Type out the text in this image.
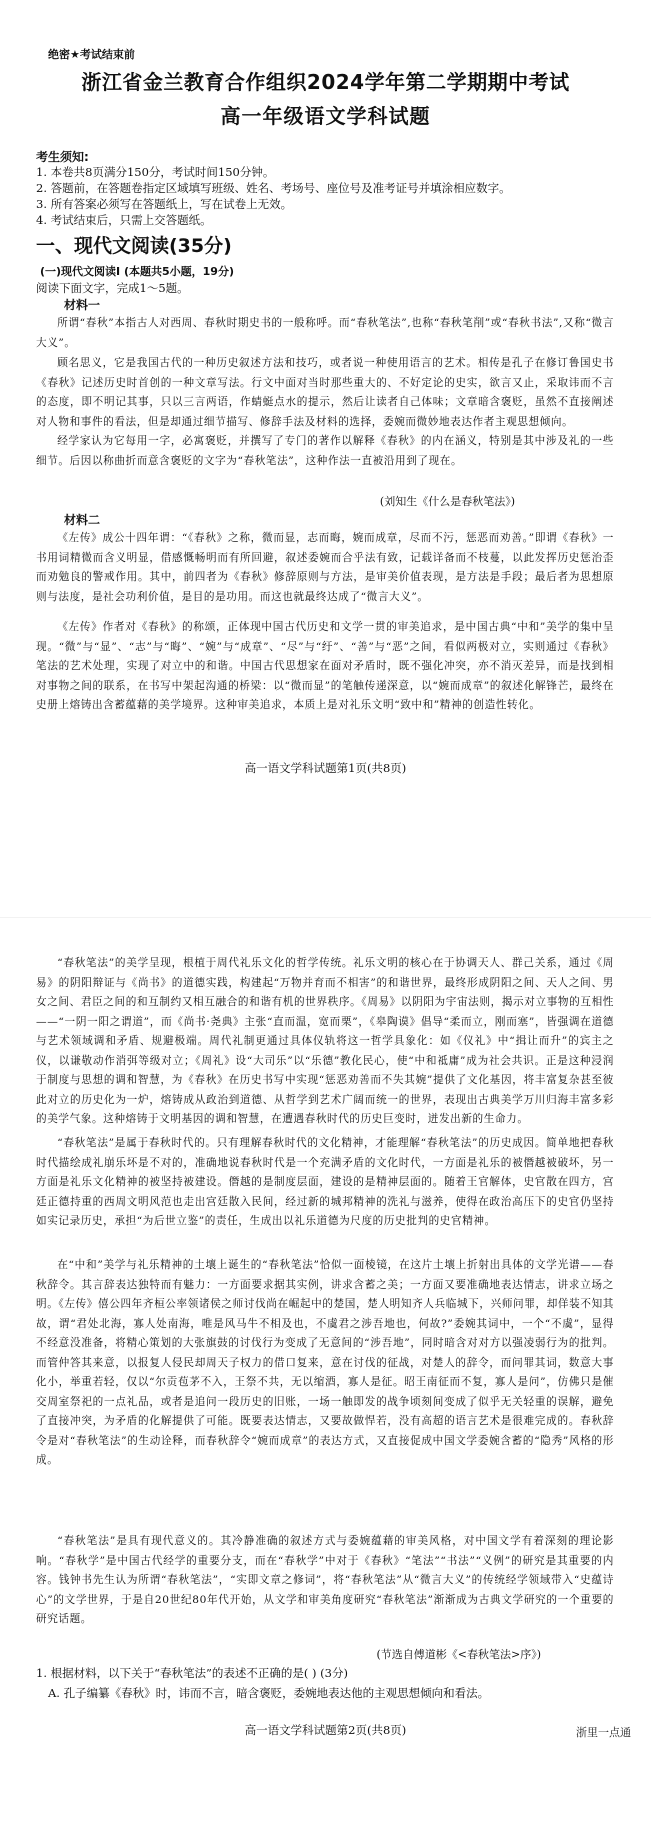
绝密★考试结束前
浙江省金兰教育合作组织2024学年第二学期期中考试
高一年级语文学科试题
考生须知:
1. 本卷共8页满分150分，考试时间150分钟。
2. 答题前，在答题卷指定区域填写班级、姓名、考场号、座位号及准考证号并填涂相应数字。
3. 所有答案必须写在答题纸上，写在试卷上无效。
4. 考试结束后，只需上交答题纸。
一、现代文阅读(35分)
(一)现代文阅读I (本题共5小题，19分)
阅读下面文字，完成1～5题。
材料一
所谓“春秋”本指古人对西周、春秋时期史书的一般称呼。而“春秋笔法”,也称“春秋笔削”或“春秋书法”,又称“微言大义”。
顾名思义，它是我国古代的一种历史叙述方法和技巧，或者说一种使用语言的艺术。相传是孔子在修订鲁国史书《春秋》记述历史时首创的一种文章写法。行文中面对当时那些重大的、不好定论的史实，欲言又止，采取讳而不言的态度，即不明记其事，只以三言两语，作蜻蜓点水的提示，然后让读者自己体味；文章暗含褒贬，虽然不直接阐述对人物和事件的看法，但是却通过细节描写、修辞手法及材料的选择，委婉而微妙地表达作者主观思想倾向。
经学家认为它每用一字，必寓褒贬，并撰写了专门的著作以解释《春秋》的内在涵义，特别是其中涉及礼的一些细节。后因以称曲折而意含褒贬的文字为“春秋笔法”，这种作法一直被沿用到了现在。
(刘知生《什么是春秋笔法》)
材料二
《左传》成公十四年谓：“《春秋》之称，微而显，志而晦，婉而成章，尽而不污，惩恶而劝善。”即谓《春秋》一书用词精微而含义明显，借感慨畅明而有所回避，叙述委婉而合乎法有致，记载详备而不枝蔓，以此发挥历史惩治歪而劝勉良的警戒作用。其中，前四者为《春秋》修辞原则与方法，是审美价值表现，是方法是手段；最后者为思想原则与法度，是社会功利价值，是目的是功用。而这也就最终达成了“微言大义”。
《左传》作者对《春秋》的称颂，正体现中国古代历史和文学一贯的审美追求，是中国古典“中和”美学的集中呈现。“微”与“显”、“志”与“晦”、“婉”与“成章”、“尽”与“纡”、“善”与“恶”之间，看似两极对立，实则通过《春秋》笔法的艺术处理，实现了对立中的和谐。中国古代思想家在面对矛盾时，既不强化冲突，亦不消灭差异，而是找到相对事物之间的联系，在书写中架起沟通的桥梁：以“微而显”的笔触传递深意，以“婉而成章”的叙述化解锋芒，最终在史册上熔铸出含蓄蕴藉的美学境界。这种审美追求，本质上是对礼乐文明“致中和”精神的创造性转化。
高一语文学科试题第1页(共8页)
“春秋笔法”的美学呈现，根植于周代礼乐文化的哲学传统。礼乐文明的核心在于协调天人、群己关系，通过《周易》的阴阳辩证与《尚书》的道德实践，构建起“万物并育而不相害”的和谐世界，最终形成阴阳之间、天人之间、男女之间、君臣之间的和互制约又相互融合的和谐有机的世界秩序。《周易》以阴阳为宇宙法则，揭示对立事物的互相性——“一阴一阳之谓道”，而《尚书·尧典》主张“直而温，宽而栗”，《皋陶谟》倡导“柔而立，刚而塞”，皆强调在道德与艺术领域调和矛盾、规避极端。周代礼制更通过具体仪轨将这一哲学具象化：如《仪礼》中“揖让而升”的宾主之仪，以谦敬动作消弭等级对立；《周礼》设“大司乐”以“乐德”教化民心，使“中和祗庸”成为社会共识。正是这种浸润于制度与思想的调和智慧，为《春秋》在历史书写中实现“惩恶劝善而不失其婉”提供了文化基因，将丰富复杂甚至彼此对立的历史化为一炉，熔铸成从政治到道德、从哲学到艺术广阔而统一的世界，表现出古典美学万川归海丰富多彩的美学气象。这种熔铸于文明基因的调和智慧，在遭遇春秋时代的历史巨变时，迸发出新的生命力。
“春秋笔法”是属于春秋时代的。只有理解春秋时代的文化精神，才能理解“春秋笔法”的历史成因。简单地把春秋时代描绘成礼崩乐坏是不对的，准确地说春秋时代是一个充满矛盾的文化时代，一方面是礼乐的被僭越被破坏，另一方面是礼乐文化精神的被坚持被建设。僭越的是制度层面，建设的是精神层面的。随着王官解体，史官散在四方，宫廷正德持重的西周文明风范也走出宫廷散入民间，经过新的城邦精神的洗礼与滋养，使得在政治高压下的史官仍坚持如实记录历史，承担“为后世立鉴”的责任，生成出以礼乐道德为尺度的历史批判的史官精神。
在“中和”美学与礼乐精神的土壤上诞生的“春秋笔法”恰似一面棱镜，在这片土壤上折射出具体的文学光谱——春秋辞令。其言辞表达独特而有魅力：一方面要求据其实例，讲求含蓄之美；一方面又要准确地表达情志，讲求立场之明。《左传》僖公四年齐桓公率领诸侯之师讨伐尚在崛起中的楚国，楚人明知齐人兵临城下，兴师问罪，却佯装不知其故，谓“君处北海，寡人处南海，唯是风马牛不相及也，不虞君之涉吾地也，何故?”委婉其词中，一个“不虞”，显得不经意没准备，将精心策划的大张旗鼓的讨伐行为变成了无意间的“涉吾地”，同时暗含对对方以强凌弱行为的批判。而管仲答其来意，以报复人侵民却周天子权力的借口复来，意在讨伐的征战，对楚人的辞令，而问罪其词，数意大事化小，举重若轻，仅以“尔贡苞茅不入，王祭不共，无以缩酒，寡人是征。昭王南征而不复，寡人是问”，仿佛只是催交周室祭祀的一点礼品，或者是追问一段历史的旧账，一场一触即发的战争顷刻间变成了似乎无关轻重的误解，避免了直接冲突，为矛盾的化解提供了可能。既要表达情志，又要故做悍若，没有高超的语言艺术是很难完成的。春秋辞令是对“春秋笔法”的生动诠释，而春秋辞令“婉而成章”的表达方式，又直接促成中国文学委婉含蓄的“隐秀”风格的形成。
“春秋笔法”是具有现代意义的。其冷静准确的叙述方式与委婉蕴藉的审美风格，对中国文学有着深刻的理论影响。“春秋学”是中国古代经学的重要分支，而在“春秋学”中对于《春秋》“笔法”“书法”“义例”的研究是其重要的内容。钱钟书先生认为所谓“春秋笔法”，“实即文章之修词”，将“春秋笔法”从“微言大义”的传统经学领域带入“史蕴诗心”的文学世界，于是自20世纪80年代开始，从文学和审美角度研究“春秋笔法”渐渐成为古典文学研究的一个重要的研究话题。
(节选自傅道彬《<春秋笔法>序》)
1. 根据材料，以下关于“春秋笔法”的表述不正确的是( ) (3分)
A. 孔子编纂《春秋》时，讳而不言，暗含褒贬，委婉地表达他的主观思想倾向和看法。
高一语文学科试题第2页(共8页)	浙里一点通
